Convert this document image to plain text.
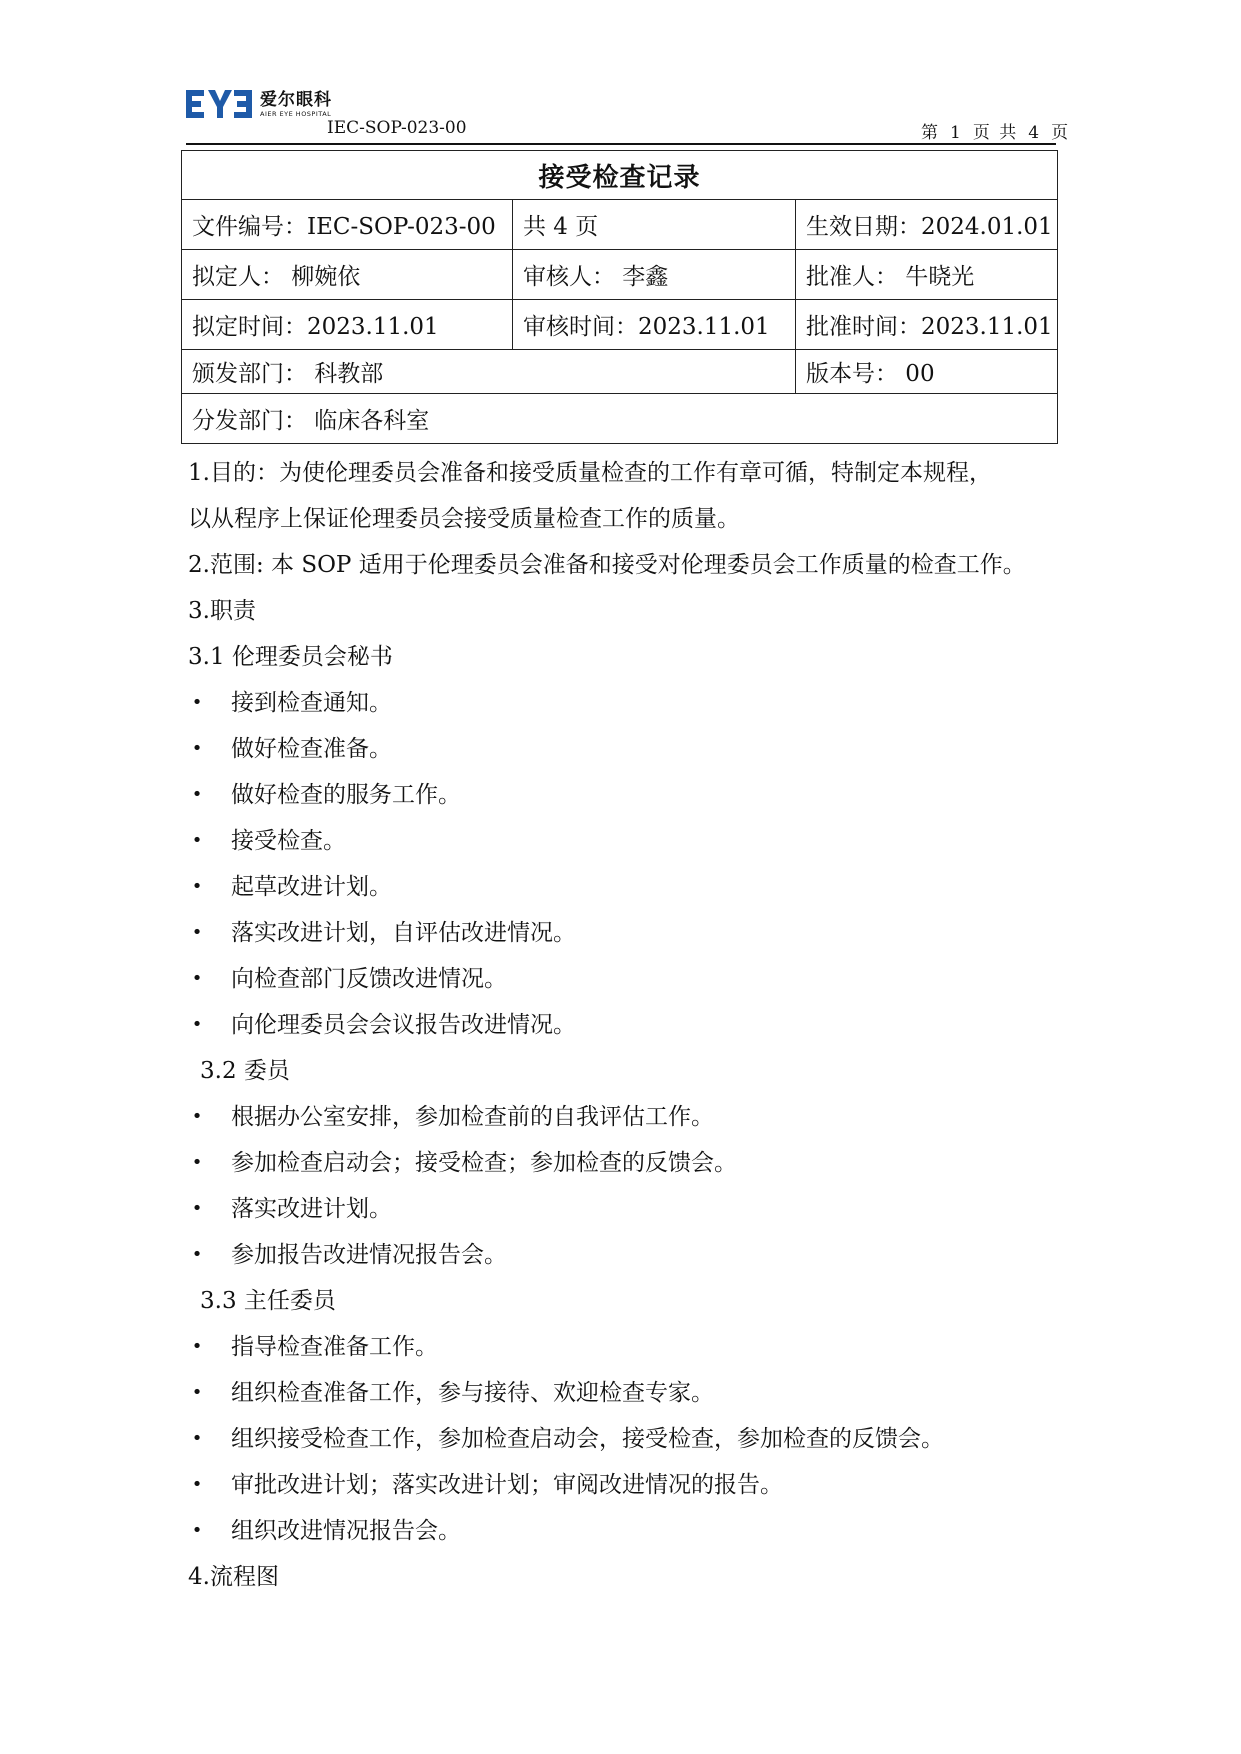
爱尔眼科
AIER EYE HOSPITAL
IEC-SOP-023-00	第 1 页 共 4 页
接受检查记录		
文件编号：IEC-SOP-023-00	共 4 页	生效日期：2024.01.01
拟定人： 柳婉依	审核人： 李鑫	批准人： 牛晓光
拟定时间：2023.11.01	审核时间：2023.11.01	批准时间：2023.11.01
颁发部门： 科教部		版本号： 00
分发部门： 临床各科室		
1.目的：为使伦理委员会准备和接受质量检查的工作有章可循，特制定本规程，
以从程序上保证伦理委员会接受质量检查工作的质量。
2.范围: 本 SOP 适用于伦理委员会准备和接受对伦理委员会工作质量的检查工作。
3.职责
3.1 伦理委员会秘书
• 接到检查通知。
• 做好检查准备。
• 做好检查的服务工作。
• 接受检查。
• 起草改进计划。
• 落实改进计划，自评估改进情况。
• 向检查部门反馈改进情况。
• 向伦理委员会会议报告改进情况。
3.2 委员
• 根据办公室安排，参加检查前的自我评估工作。
• 参加检查启动会；接受检查；参加检查的反馈会。
• 落实改进计划。
• 参加报告改进情况报告会。
3.3 主任委员
• 指导检查准备工作。
• 组织检查准备工作，参与接待、欢迎检查专家。
• 组织接受检查工作，参加检查启动会，接受检查，参加检查的反馈会。
• 审批改进计划；落实改进计划；审阅改进情况的报告。
• 组织改进情况报告会。
4.流程图
